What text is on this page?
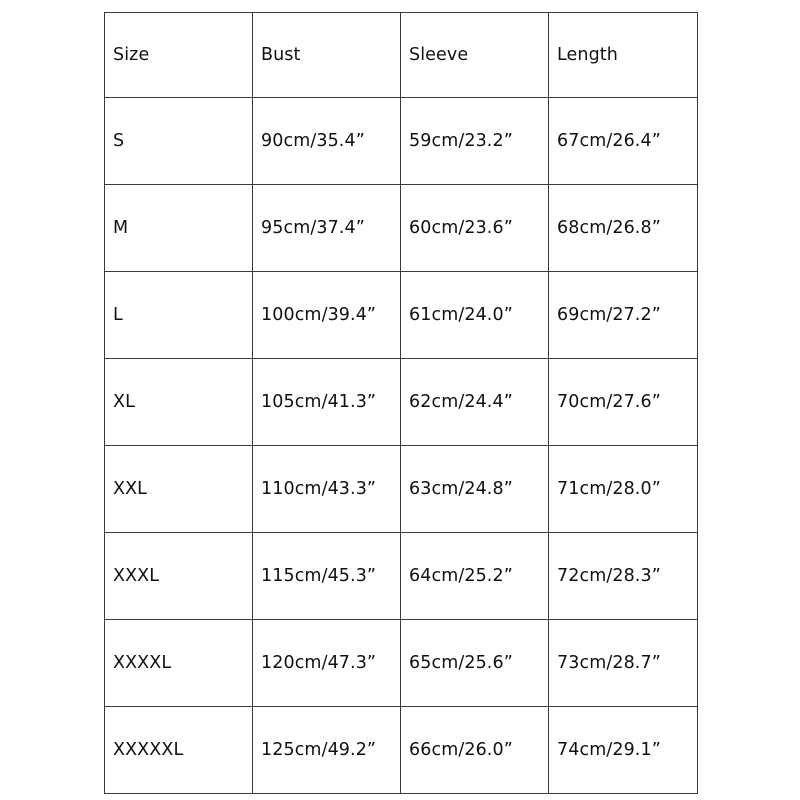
Size	Bust	Sleeve	Length
S	90cm/35.4”	59cm/23.2”	67cm/26.4”
M	95cm/37.4”	60cm/23.6”	68cm/26.8”
L	100cm/39.4”	61cm/24.0”	69cm/27.2”
XL	105cm/41.3”	62cm/24.4”	70cm/27.6”
XXL	110cm/43.3”	63cm/24.8”	71cm/28.0”
XXXL	115cm/45.3”	64cm/25.2”	72cm/28.3”
XXXXL	120cm/47.3”	65cm/25.6”	73cm/28.7”
XXXXXL	125cm/49.2”	66cm/26.0”	74cm/29.1”
